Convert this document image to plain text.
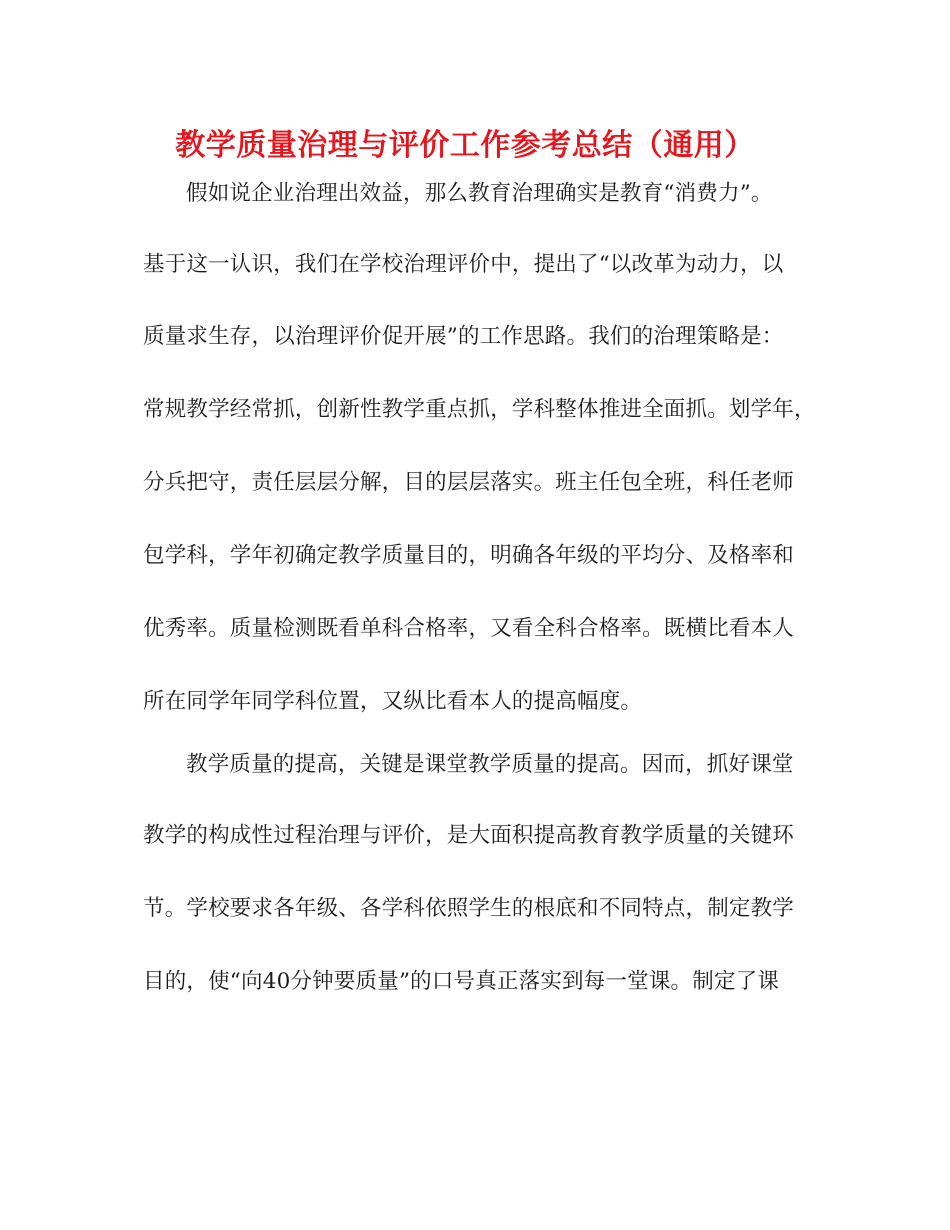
教学质量治理与评价工作参考总结（通用）
假如说企业治理出效益，那么教育治理确实是教育“消费力”。
基于这一认识，我们在学校治理评价中，提出了“以改革为动力，以
质量求生存，以治理评价促开展”的工作思路。我们的治理策略是：
常规教学经常抓，创新性教学重点抓，学科整体推进全面抓。划学年，
分兵把守，责任层层分解，目的层层落实。班主任包全班，科任老师
包学科，学年初确定教学质量目的，明确各年级的平均分、及格率和
优秀率。质量检测既看单科合格率，又看全科合格率。既横比看本人
所在同学年同学科位置，又纵比看本人的提高幅度。
教学质量的提高，关键是课堂教学质量的提高。因而，抓好课堂
教学的构成性过程治理与评价，是大面积提高教育教学质量的关键环
节。学校要求各年级、各学科依照学生的根底和不同特点，制定教学
目的，使“向40分钟要质量”的口号真正落实到每一堂课。制定了课
